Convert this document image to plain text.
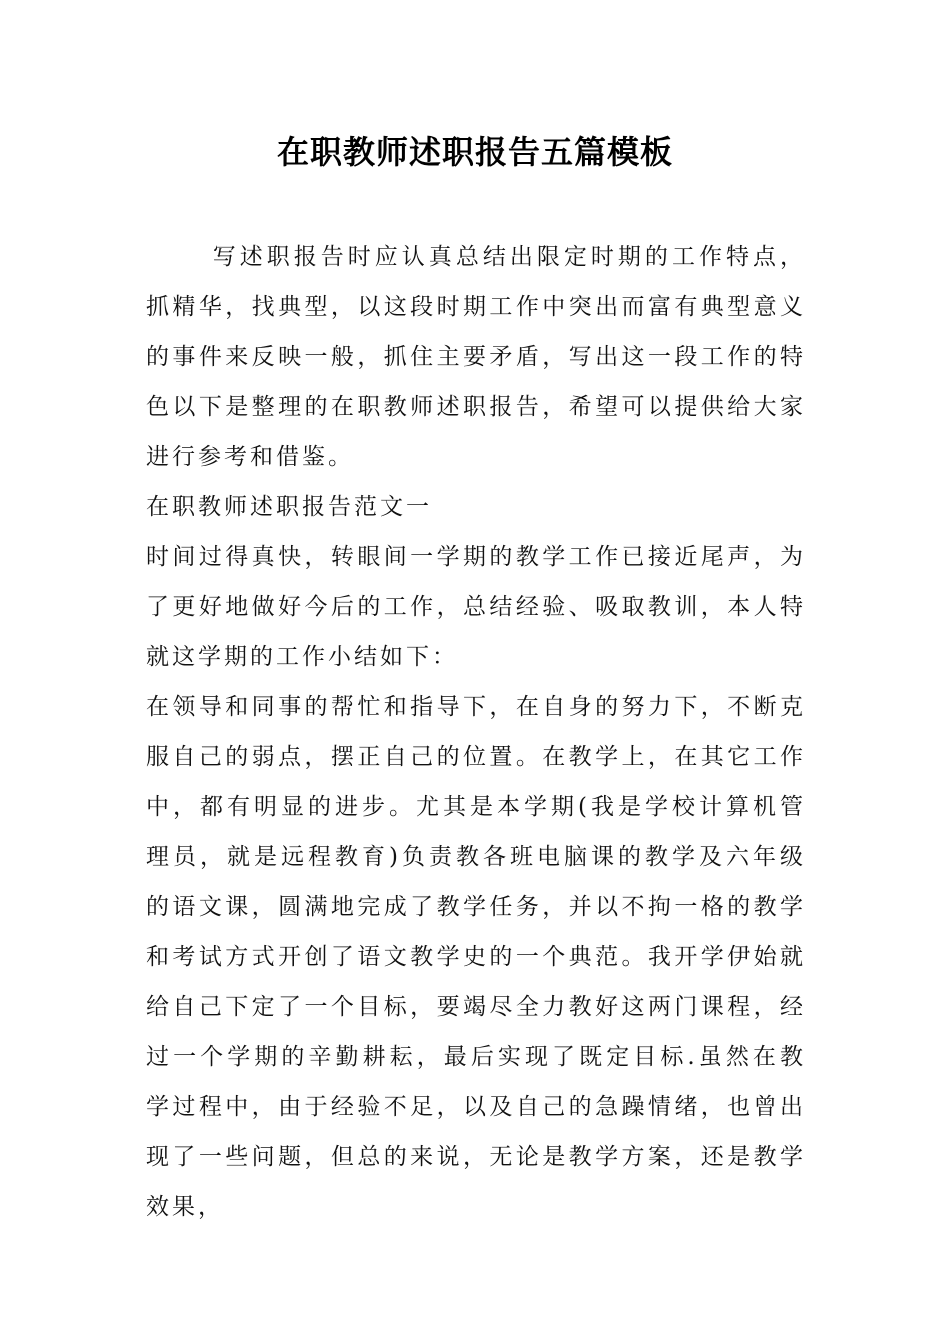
在职教师述职报告五篇模板

写述职报告时应认真总结出限定时期的工作特点，抓精华，找典型，以这段时期工作中突出而富有典型意义的事件来反映一般，抓住主要矛盾，写出这一段工作的特色以下是整理的在职教师述职报告，希望可以提供给大家进行参考和借鉴。

在职教师述职报告范文一

时间过得真快，转眼间一学期的教学工作已接近尾声，为了更好地做好今后的工作，总结经验、吸取教训，本人特就这学期的工作小结如下：

在领导和同事的帮忙和指导下，在自身的努力下，不断克服自己的弱点，摆正自己的位置。在教学上，在其它工作中，都有明显的进步。尤其是本学期(我是学校计算机管理员，就是远程教育)负责教各班电脑课的教学及六年级的语文课，圆满地完成了教学任务，并以不拘一格的教学和考试方式开创了语文教学史的一个典范。我开学伊始就给自己下定了一个目标，要竭尽全力教好这两门课程，经过一个学期的辛勤耕耘，最后实现了既定目标.虽然在教学过程中，由于经验不足，以及自己的急躁情绪，也曾出现了一些问题，但总的来说，无论是教学方案，还是教学效果，
